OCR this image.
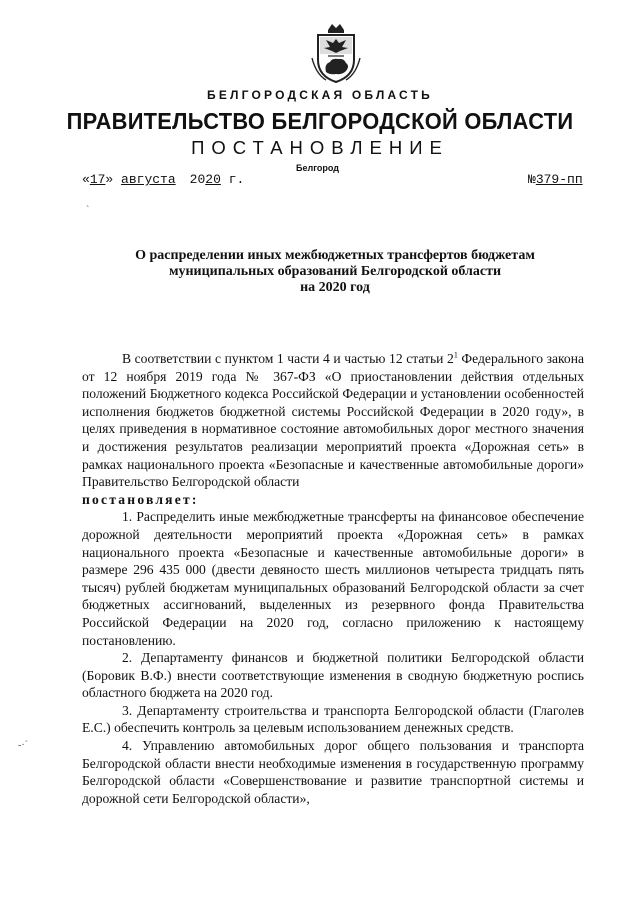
БЕЛГОРОДСКАЯ ОБЛАСТЬ
ПРАВИТЕЛЬСТВО БЕЛГОРОДСКОЙ ОБЛАСТИ
ПОСТАНОВЛЕНИЕ
Белгород
«17» августа 2020 г.	№379-пп
ˋ
О распределении иных межбюджетных трансфертов бюджетам
муниципальных образований Белгородской области
на 2020 год

В соответствии с пунктом 1 части 4 и частью 12 статьи $2^1$ Федерального закона от 12 ноября 2019 года № 367-ФЗ «О приостановлении действия отдельных положений Бюджетного кодекса Российской Федерации и установлении особенностей исполнения бюджетов бюджетной системы Российской Федерации в 2020 году», в целях приведения в нормативное состояние автомобильных дорог местного значения и достижения результатов реализации мероприятий проекта «Дорожная сеть» в рамках национального проекта «Безопасные и качественные автомобильные дороги» Правительство Белгородской области

постановляет:

1. Распределить иные межбюджетные трансферты на финансовое обеспечение дорожной деятельности мероприятий проекта «Дорожная сеть» в рамках национального проекта «Безопасные и качественные автомобильные дороги» в размере 296 435 000 (двести девяносто шесть миллионов четыреста тридцать пять тысяч) рублей бюджетам муниципальных образований Белгородской области за счет бюджетных ассигнований, выделенных из резервного фонда Правительства Российской Федерации на 2020 год, согласно приложению к настоящему постановлению.

2. Департаменту финансов и бюджетной политики Белгородской области (Боровик В.Ф.) внести соответствующие изменения в сводную бюджетную роспись областного бюджета на 2020 год.

3. Департаменту строительства и транспорта Белгородской области (Глаголев Е.С.) обеспечить контроль за целевым использованием денежных средств.

4. Управлению автомобильных дорог общего пользования и транспорта Белгородской области внести необходимые изменения в государственную программу Белгородской области «Совершенствование и развитие транспортной системы и дорожной сети Белгородской области»,

-·ˊ
